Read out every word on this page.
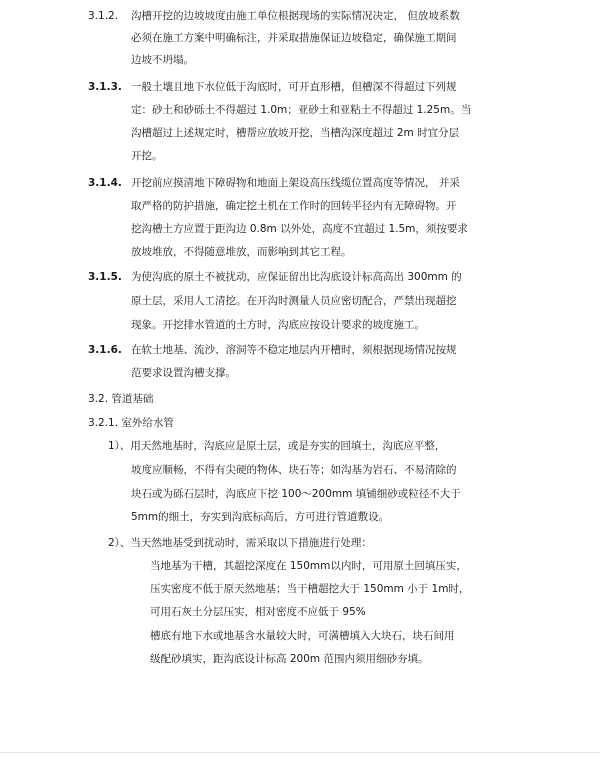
3.1.2. 沟槽开挖的边坡坡度由施工单位根据现场的实际情况决定， 但放坡系数
必须在施工方案中明确标注，并采取措施保证边坡稳定，确保施工期间
边坡不坍塌。
3.1.3. 一般土壤且地下水位低于沟底时，可开直形槽，但槽深不得超过下列规
定：砂土和砂砾土不得超过 1.0m；亚砂土和亚粘土不得超过 1.25m。当
沟槽超过上述规定时，槽帮应放坡开挖，当槽沟深度超过 2m 时宜分层
开挖。
3.1.4. 开挖前应摸清地下障碍物和地面上架设高压线缆位置高度等情况， 并采
取严格的防护措施，确定挖土机在工作时的回转半径内有无障碍物。开
挖沟槽土方应置于距沟边 0.8m 以外处，高度不宜超过 1.5m，须按要求
放坡堆放，不得随意堆放，而影响到其它工程。
3.1.5. 为使沟底的原土不被扰动，应保证留出比沟底设计标高高出 300mm 的
原土层，采用人工清挖。在开沟时测量人员应密切配合，严禁出现超挖
现象。开挖排水管道的土方时，沟底应按设计要求的坡度施工。
3.1.6. 在软土地基、流沙、溶洞等不稳定地层内开槽时，须根据现场情况按规
范要求设置沟槽支撑。
3.2. 管道基础
3.2.1. 室外给水管
1）、用天然地基时，沟底应是原土层，或是夯实的回填土，沟底应平整，
坡度应顺畅，不得有尖硬的物体、块石等；如沟基为岩石、不易清除的
块石或为砾石层时，沟底应下挖 100～200mm 填铺细砂或粒径不大于
5mm的细土，夯实到沟底标高后，方可进行管道敷设。
2）、当天然地基受到扰动时，需采取以下措施进行处理：
当地基为干槽，其超挖深度在 150mm以内时，可用原土回填压实，
压实密度不低于原天然地基；当干槽超挖大于 150mm 小于 1m时，
可用石灰土分层压实，相对密度不应低于 95%
槽底有地下水或地基含水量较大时，可满槽填入大块石，块石间用
级配砂填实，距沟底设计标高 200m 范围内须用细砂夯填。
